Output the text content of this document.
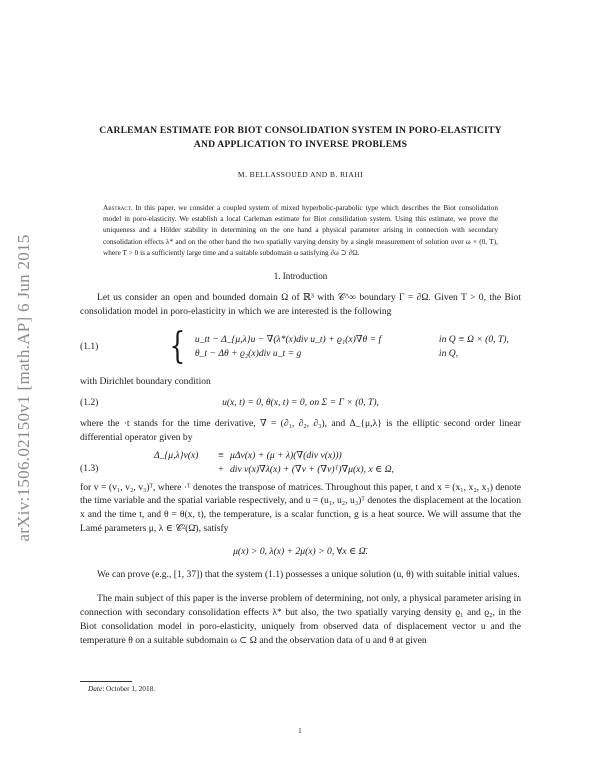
arXiv:1506.02150v1 [math.AP] 6 Jun 2015
CARLEMAN ESTIMATE FOR BIOT CONSOLIDATION SYSTEM IN PORO-ELASTICITY
AND APPLICATION TO INVERSE PROBLEMS
M. BELLASSOUED AND B. RIAHI
Abstract. In this paper, we consider a coupled system of mixed hyperbolic-parabolic type which describes the Biot consolidation model in poro-elasticity. We establish a local Carleman estimate for Biot consilidation system. Using this estimate, we prove the uniqueness and a Hölder stability in determining on the one hand a physical parameter arising in connection with secondary consolidation effects λ* and on the other hand the two spatially varying density by a single measurement of solution over ω × (0, T), where T > 0 is a sufficiently large time and a suitable subdomain ω satisfying ∂ω ⊃ ∂Ω.
1. Introduction

Let us consider an open and bounded domain Ω of ℝ³ with 𝒞^∞ boundary Γ = ∂Ω. Given T > 0, the Biot consolidation model in poro-elasticity in which we are interested is the following

(1.1) { u_tt − Δ_{μ,λ}u − ∇(λ*(x)div u_t) + ϱ₁(x)∇θ = f	in Q ≡ Ω × (0, T),
θ_t − Δθ + ϱ₂(x)div u_t = g	in Q,

with Dirichlet boundary condition

(1.2)	u(x, t) = 0, θ(x, t) = 0, on Σ = Γ × (0, T),

where the ·t stands for the time derivative, ∇ = (∂₁, ∂₂, ∂₃), and Δ_{μ,λ} is the elliptic second order linear differential operator given by

(1.3)
Δ_{μ,λ}v(x)	≡ μΔv(x) + (μ + λ)(∇(div v(x)))
+ div v(x)∇λ(x) + (∇v + (∇v)ᵀ)∇μ(x), x ∈ Ω,

for v = (v₁, v₂, v₃)ᵀ, where ·ᵀ denotes the transpose of matrices. Throughout this paper, t and x = (x₁, x₂, x₃) denote the time variable and the spatial variable respectively, and u = (u₁, u₂, u₃)ᵀ denotes the displacement at the location x and the time t, and θ = θ(x, t), the temperature, is a scalar function, g is a heat source. We will assume that the Lamé parameters μ, λ ∈ 𝒞²(Ω̄), satisfy

μ(x) > 0, λ(x) + 2μ(x) > 0, ∀x ∈ Ω̄.

We can prove (e.g., [1, 37]) that the system (1.1) possesses a unique solution (u, θ) with suitable initial values.

The main subject of this paper is the inverse problem of determining, not only, a physical parameter arising in connection with secondary consolidation effects λ* but also, the two spatially varying density ϱ₁ and ϱ₂, in the Biot consolidation model in poro-elasticity, uniquely from observed data of displacement vector u and the temperature θ on a suitable subdomain ω ⊂ Ω and the observation data of u and θ at given

Date: October 1, 2018.
1
